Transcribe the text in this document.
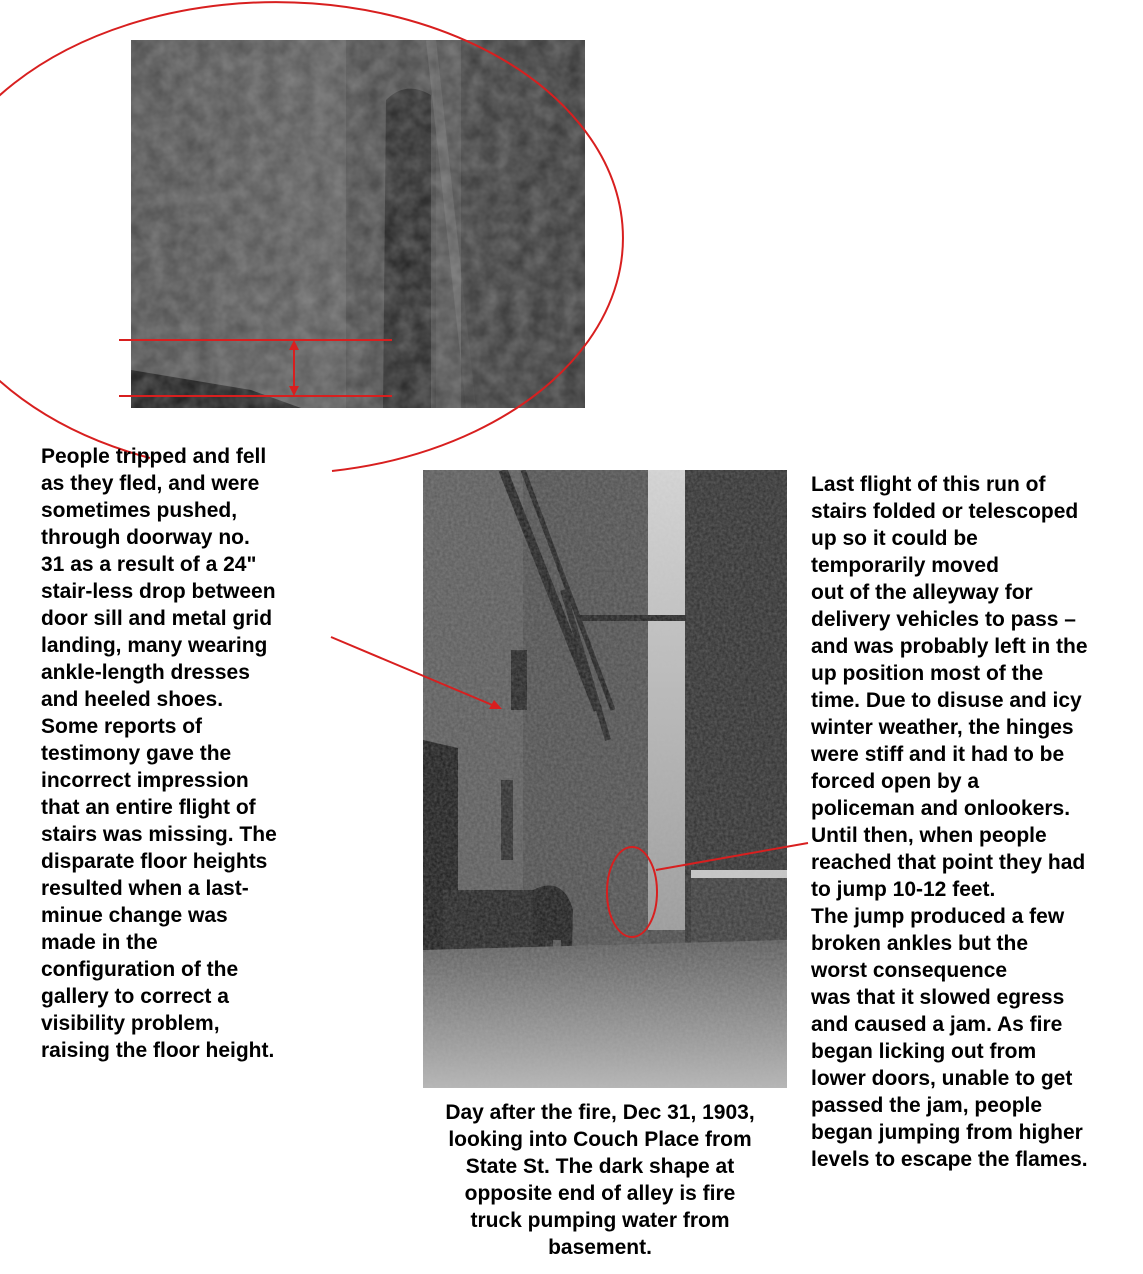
People tripped and fell
as they fled, and were
sometimes pushed,
through doorway no.
31 as a result of a 24"
stair-less drop between
door sill and metal grid
landing, many wearing
ankle-length dresses
and heeled shoes.
Some reports of
testimony gave the
incorrect impression
that an entire flight of
stairs was missing. The
disparate floor heights
resulted when a last-
minue change was
made in the
configuration of the
gallery to correct a
visibility problem,
raising the floor height.

Last flight of this run of
stairs folded or telescoped
up so it could be
temporarily moved
out of the alleyway for
delivery vehicles to pass –
and was probably left in the
up position most of the
time. Due to disuse and icy
winter weather, the hinges
were stiff and it had to be
forced open by a
policeman and onlookers.
Until then, when people
reached that point they had
to jump 10-12 feet.
The jump produced a few
broken ankles but the
worst consequence
was that it slowed egress
and caused a jam. As fire
began licking out from
lower doors, unable to get
passed the jam, people
began jumping from higher
levels to escape the flames.

Day after the fire, Dec 31, 1903,
looking into Couch Place from
State St. The dark shape at
opposite end of alley is fire
truck pumping water from
basement.
